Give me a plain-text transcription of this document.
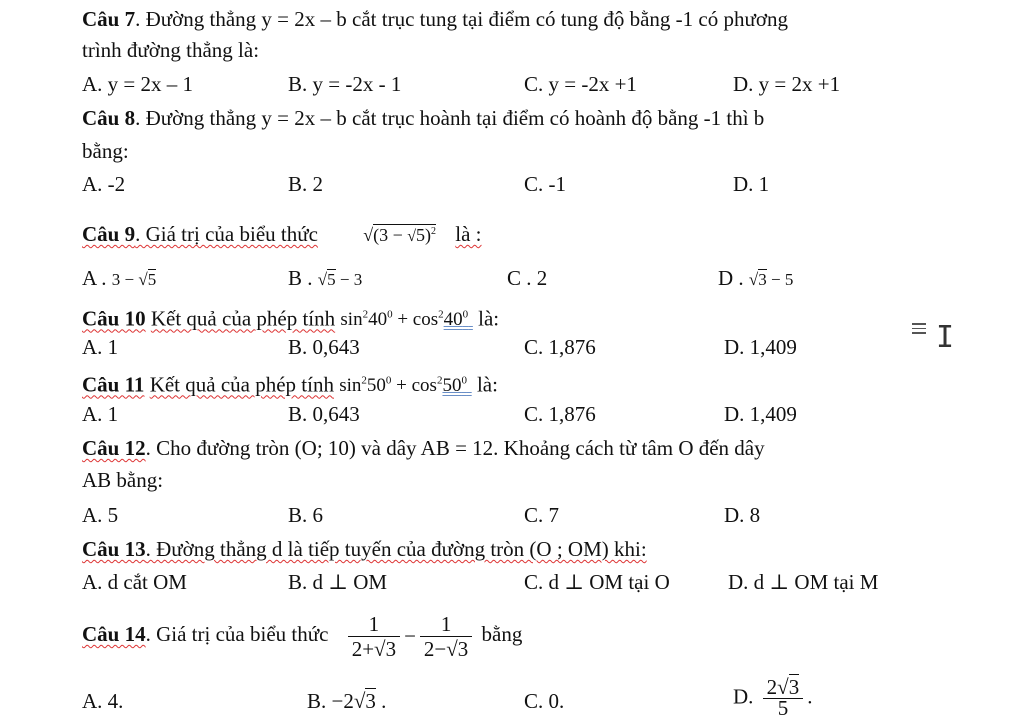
Câu 7. Đường thẳng y = 2x – b cắt trục tung tại điểm có tung độ bằng -1 có phương
trình đường thẳng là:
A. y = 2x – 1	B. y = -2x - 1	C. y = -2x +1	D. y = 2x +1
Câu 8. Đường thẳng y = 2x – b cắt trục hoành tại điểm có hoành độ bằng -1 thì b
bằng:
A. -2	B. 2	C. -1	D. 1
Câu 9. Giá trị của biểu thức	$√(3 - √5)^2$ là :
A . 3 − √5	B . √5 − 3	C . 2	D . √3 − 5
Câu 10 Kết quả của phép tính $\sin^240^0 + \cos^240^0$ là:
A. 1	B. 0,643	C. 1,876	D. 1,409
Câu 11 Kết quả của phép tính $\sin^250^0 + \cos^250^0$ là:
A. 1	B. 0,643	C. 1,876	D. 1,409
Câu 12. Cho đường tròn (O; 10) và dây AB = 12. Khoảng cách từ tâm O đến dây
AB bằng:
A. 5	B. 6	C. 7	D. 8
Câu 13. Đường thẳng d là tiếp tuyến của đường tròn (O ; OM) khi:
A. d cắt OM	B. d ⊥ OM	C. d ⊥ OM tại O	D. d ⊥ OM tại M
Câu 14. Giá trị của biểu thức $\frac{1}{2+√3} - \frac{1}{2-√3}$ bằng
A. 4.	B. −2√3 .	C. 0.	D. $\frac{2√3}{5}$ .
I
